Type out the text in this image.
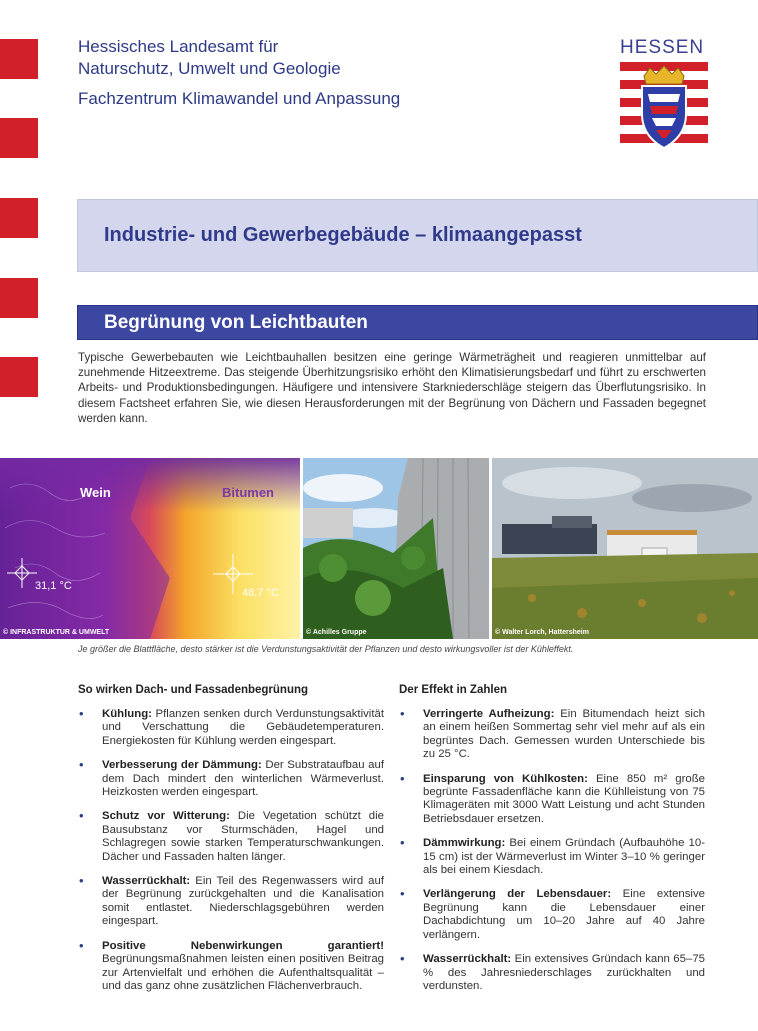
Hessisches Landesamt für
Naturschutz, Umwelt und Geologie
Fachzentrum Klimawandel und Anpassung
HESSEN
Industrie- und Gewerbegebäude – klimaangepasst
Begrünung von Leichtbauten
Typische Gewerbebauten wie Leichtbauhallen besitzen eine geringe Wärmeträgheit und reagieren unmittelbar auf zunehmende Hitzeextreme. Das steigende Überhitzungsrisiko erhöht den Klimatisierungsbedarf und führt zu erschwerten Arbeits- und Produktionsbedingungen. Häufigere und intensivere Starkniederschläge steigern das Überflutungsrisiko. In diesem Factsheet erfahren Sie, wie diesen Herausforderungen mit der Begrünung von Dächern und Fassaden begegnet werden kann.
Wein	Bitumen
31,1 °C
48,7 °C
© INFRASTRUKTUR & UMWELT	© Achilles Gruppe	© Walter Lorch, Hattersheim
Je größer die Blattfläche, desto stärker ist die Verdunstungsaktivität der Pflanzen und desto wirkungsvoller ist der Kühleffekt.
So wirken Dach- und Fassadenbegrünung
• Kühlung: Pflanzen senken durch Verdunstungsaktivität und Verschattung die Gebäudetemperaturen. Energiekosten für Kühlung werden eingespart.
• Verbesserung der Dämmung: Der Substrataufbau auf dem Dach mindert den winterlichen Wärmeverlust. Heizkosten werden eingespart.
• Schutz vor Witterung: Die Vegetation schützt die Bausubstanz vor Sturmschäden, Hagel und Schlagregen sowie starken Temperaturschwankungen. Dächer und Fassaden halten länger.
• Wasserrückhalt: Ein Teil des Regenwassers wird auf der Begrünung zurückgehalten und die Kanalisation somit entlastet. Niederschlagsgebühren werden eingespart.
• Positive Nebenwirkungen garantiert! Begrünungsmaßnahmen leisten einen positiven Beitrag zur Artenvielfalt und erhöhen die Aufenthaltsqualität – und das ganz ohne zusätzlichen Flächenverbrauch.
Der Effekt in Zahlen
• Verringerte Aufheizung: Ein Bitumendach heizt sich an einem heißen Sommertag sehr viel mehr auf als ein begrüntes Dach. Gemessen wurden Unterschiede bis zu 25 °C.
• Einsparung von Kühlkosten: Eine 850 m² große begrünte Fassadenfläche kann die Kühlleistung von 75 Klimageräten mit 3000 Watt Leistung und acht Stunden Betriebsdauer ersetzen.
• Dämmwirkung: Bei einem Gründach (Aufbauhöhe 10-15 cm) ist der Wärmeverlust im Winter 3–10 % geringer als bei einem Kiesdach.
• Verlängerung der Lebensdauer: Eine extensive Begrünung kann die Lebensdauer einer Dachabdichtung um 10–20 Jahre auf 40 Jahre verlängern.
• Wasserrückhalt: Ein extensives Gründach kann 65–75 % des Jahresniederschlages zurückhalten und verdunsten.
